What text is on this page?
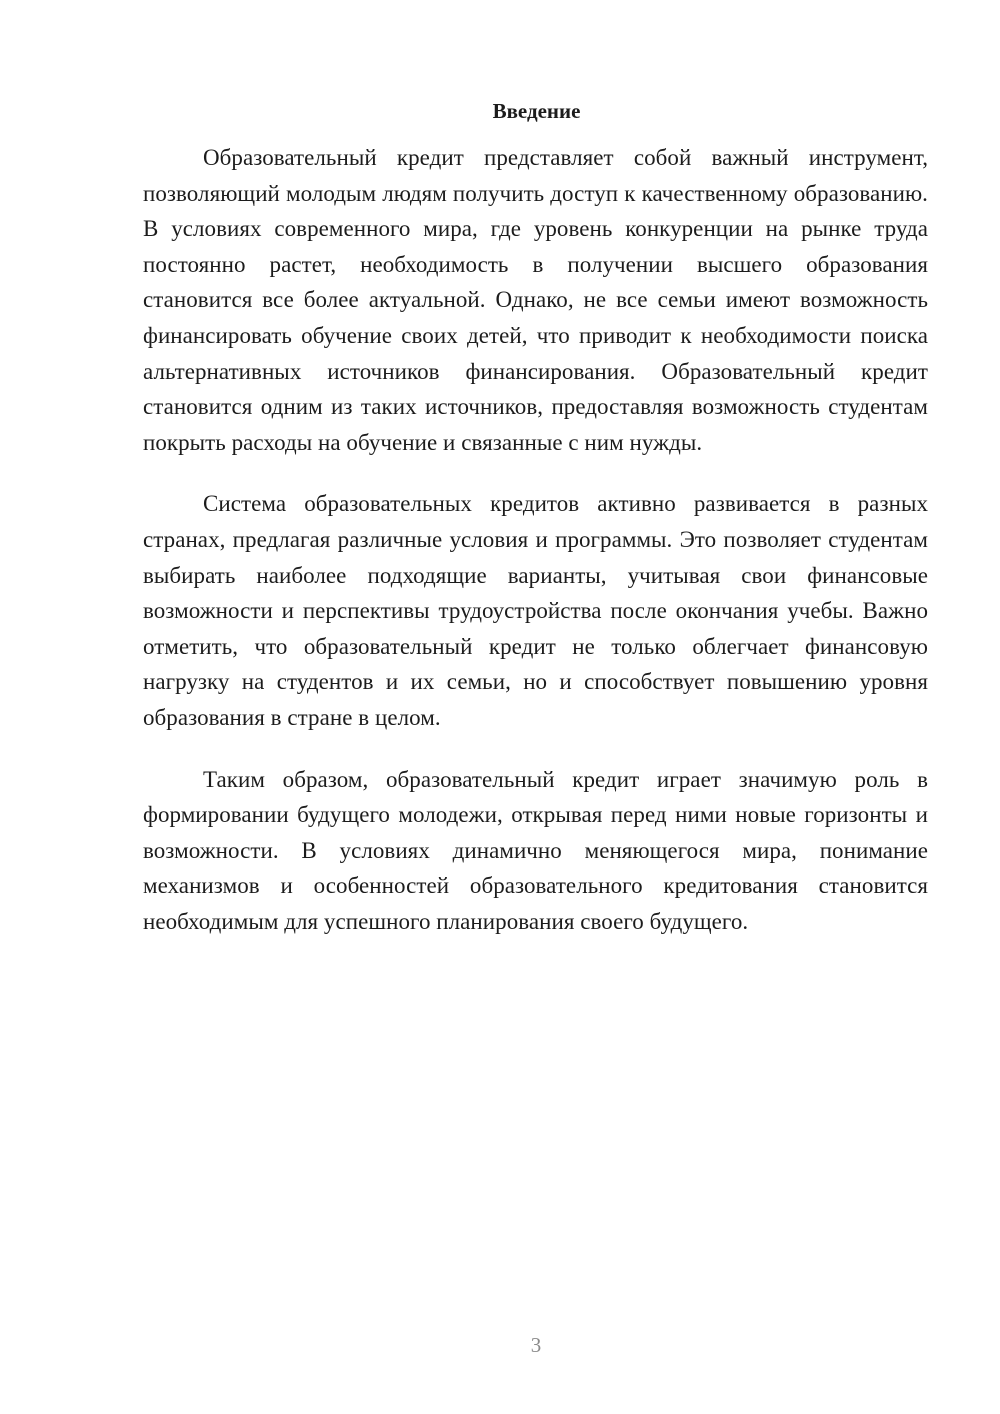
Введение

Образовательный кредит представляет собой важный инструмент, позволяющий молодым людям получить доступ к качественному образованию. В условиях современного мира, где уровень конкуренции на рынке труда постоянно растет, необходимость в получении высшего образования становится все более актуальной. Однако, не все семьи имеют возможность финансировать обучение своих детей, что приводит к необходимости поиска альтернативных источников финансирования. Образовательный кредит становится одним из таких источников, предоставляя возможность студентам покрыть расходы на обучение и связанные с ним нужды.

Система образовательных кредитов активно развивается в разных странах, предлагая различные условия и программы. Это позволяет студентам выбирать наиболее подходящие варианты, учитывая свои финансовые возможности и перспективы трудоустройства после окончания учебы. Важно отметить, что образовательный кредит не только облегчает финансовую нагрузку на студентов и их семьи, но и способствует повышению уровня образования в стране в целом.

Таким образом, образовательный кредит играет значимую роль в формировании будущего молодежи, открывая перед ними новые горизонты и возможности. В условиях динамично меняющегося мира, понимание механизмов и особенностей образовательного кредитования становится необходимым для успешного планирования своего будущего.

3
